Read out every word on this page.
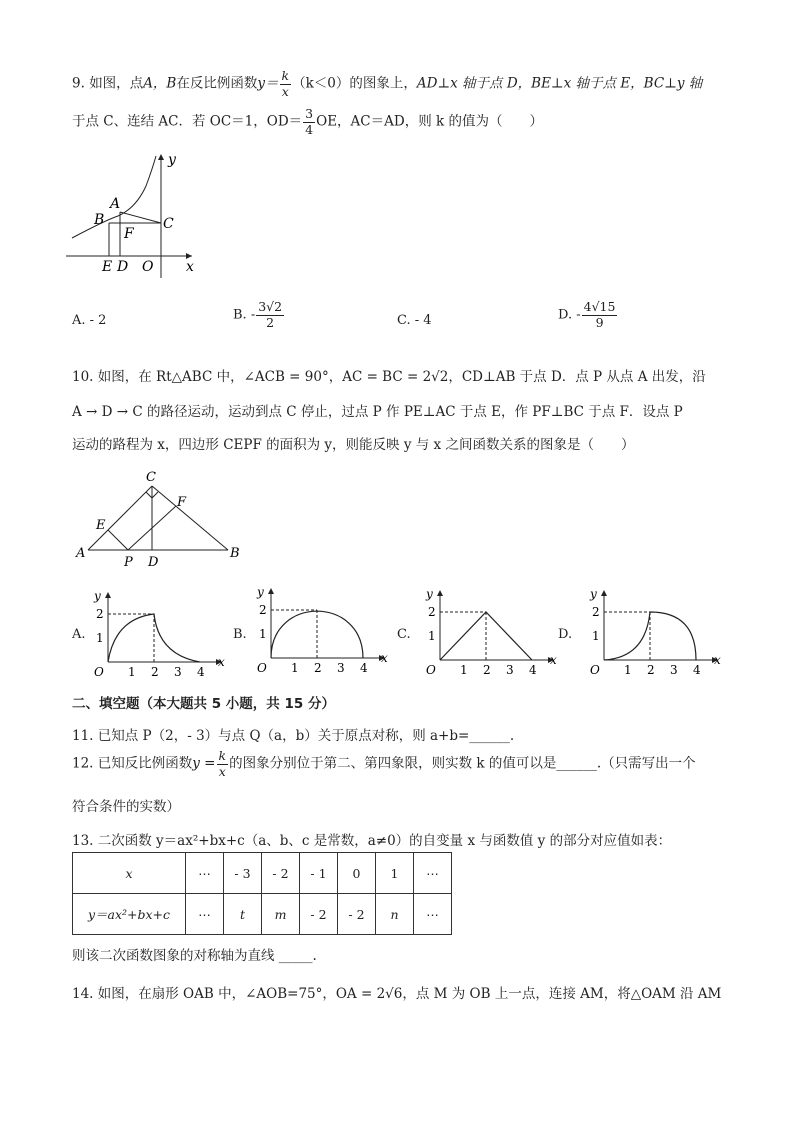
9. 如图，点A，B在反比例函数$y= \frac{k}{x} (k<0)$的图象上，AD⊥x 轴于点 D，BE⊥x 轴于点 E，BC⊥y 轴
于点 C、连结 AC．若 OC＝1，$OD= \frac{3}{4}$ OE，AC＝AD，则 k 的值为（　　）
y
x
A
B	C
F
E D O
A. - 2	B. - $\frac{3√2}{2}$	C. - 4	D. - $\frac{4√15}{9}$
10. 如图，在 Rt△ABC 中，∠ACB = 90°，AC = BC = 2√2，CD⊥AB 于点 D．点 P 从点 A 出发，沿
A → D → C 的路径运动，运动到点 C 停止，过点 P 作 PE⊥AC 于点 E，作 PF⊥BC 于点 F．设点 P
运动的路程为 x，四边形 CEPF 的面积为 y，则能反映 y 与 x 之间函数关系的图象是（　　）
C
F
E
A
P D
B
A.
y
x
O 1 2 3 4
1
2
B.
y
x
O 1 2 3 4
1
2
C.
y
x
O 1 2 3 4
1
2
D.
y
x
O 1 2 3 4
1
2
二、填空题（本大题共 5 小题，共 15 分）
11. 已知点 P（2，- 3）与点 Q（a，b）关于原点对称，则 a+b=______.
12. 已知反比例函数$y = \frac{k}{x}$ 的图象分别位于第二、第四象限，则实数 k 的值可以是______.（只需写出一个
符合条件的实数）
13. 二次函数 y＝ax²+bx+c（a、b、c 是常数，a≠0）的自变量 x 与函数值 y 的部分对应值如表：
x	⋯	- 3	- 2	- 1	0	1	⋯
y＝ax²+bx+c	⋯	t	m	- 2	- 2	n	⋯
则该二次函数图象的对称轴为直线 _____.
14. 如图，在扇形 OAB 中，∠AOB=75°，OA = 2√6，点 M 为 OB 上一点，连接 AM，将△OAM 沿 AM
